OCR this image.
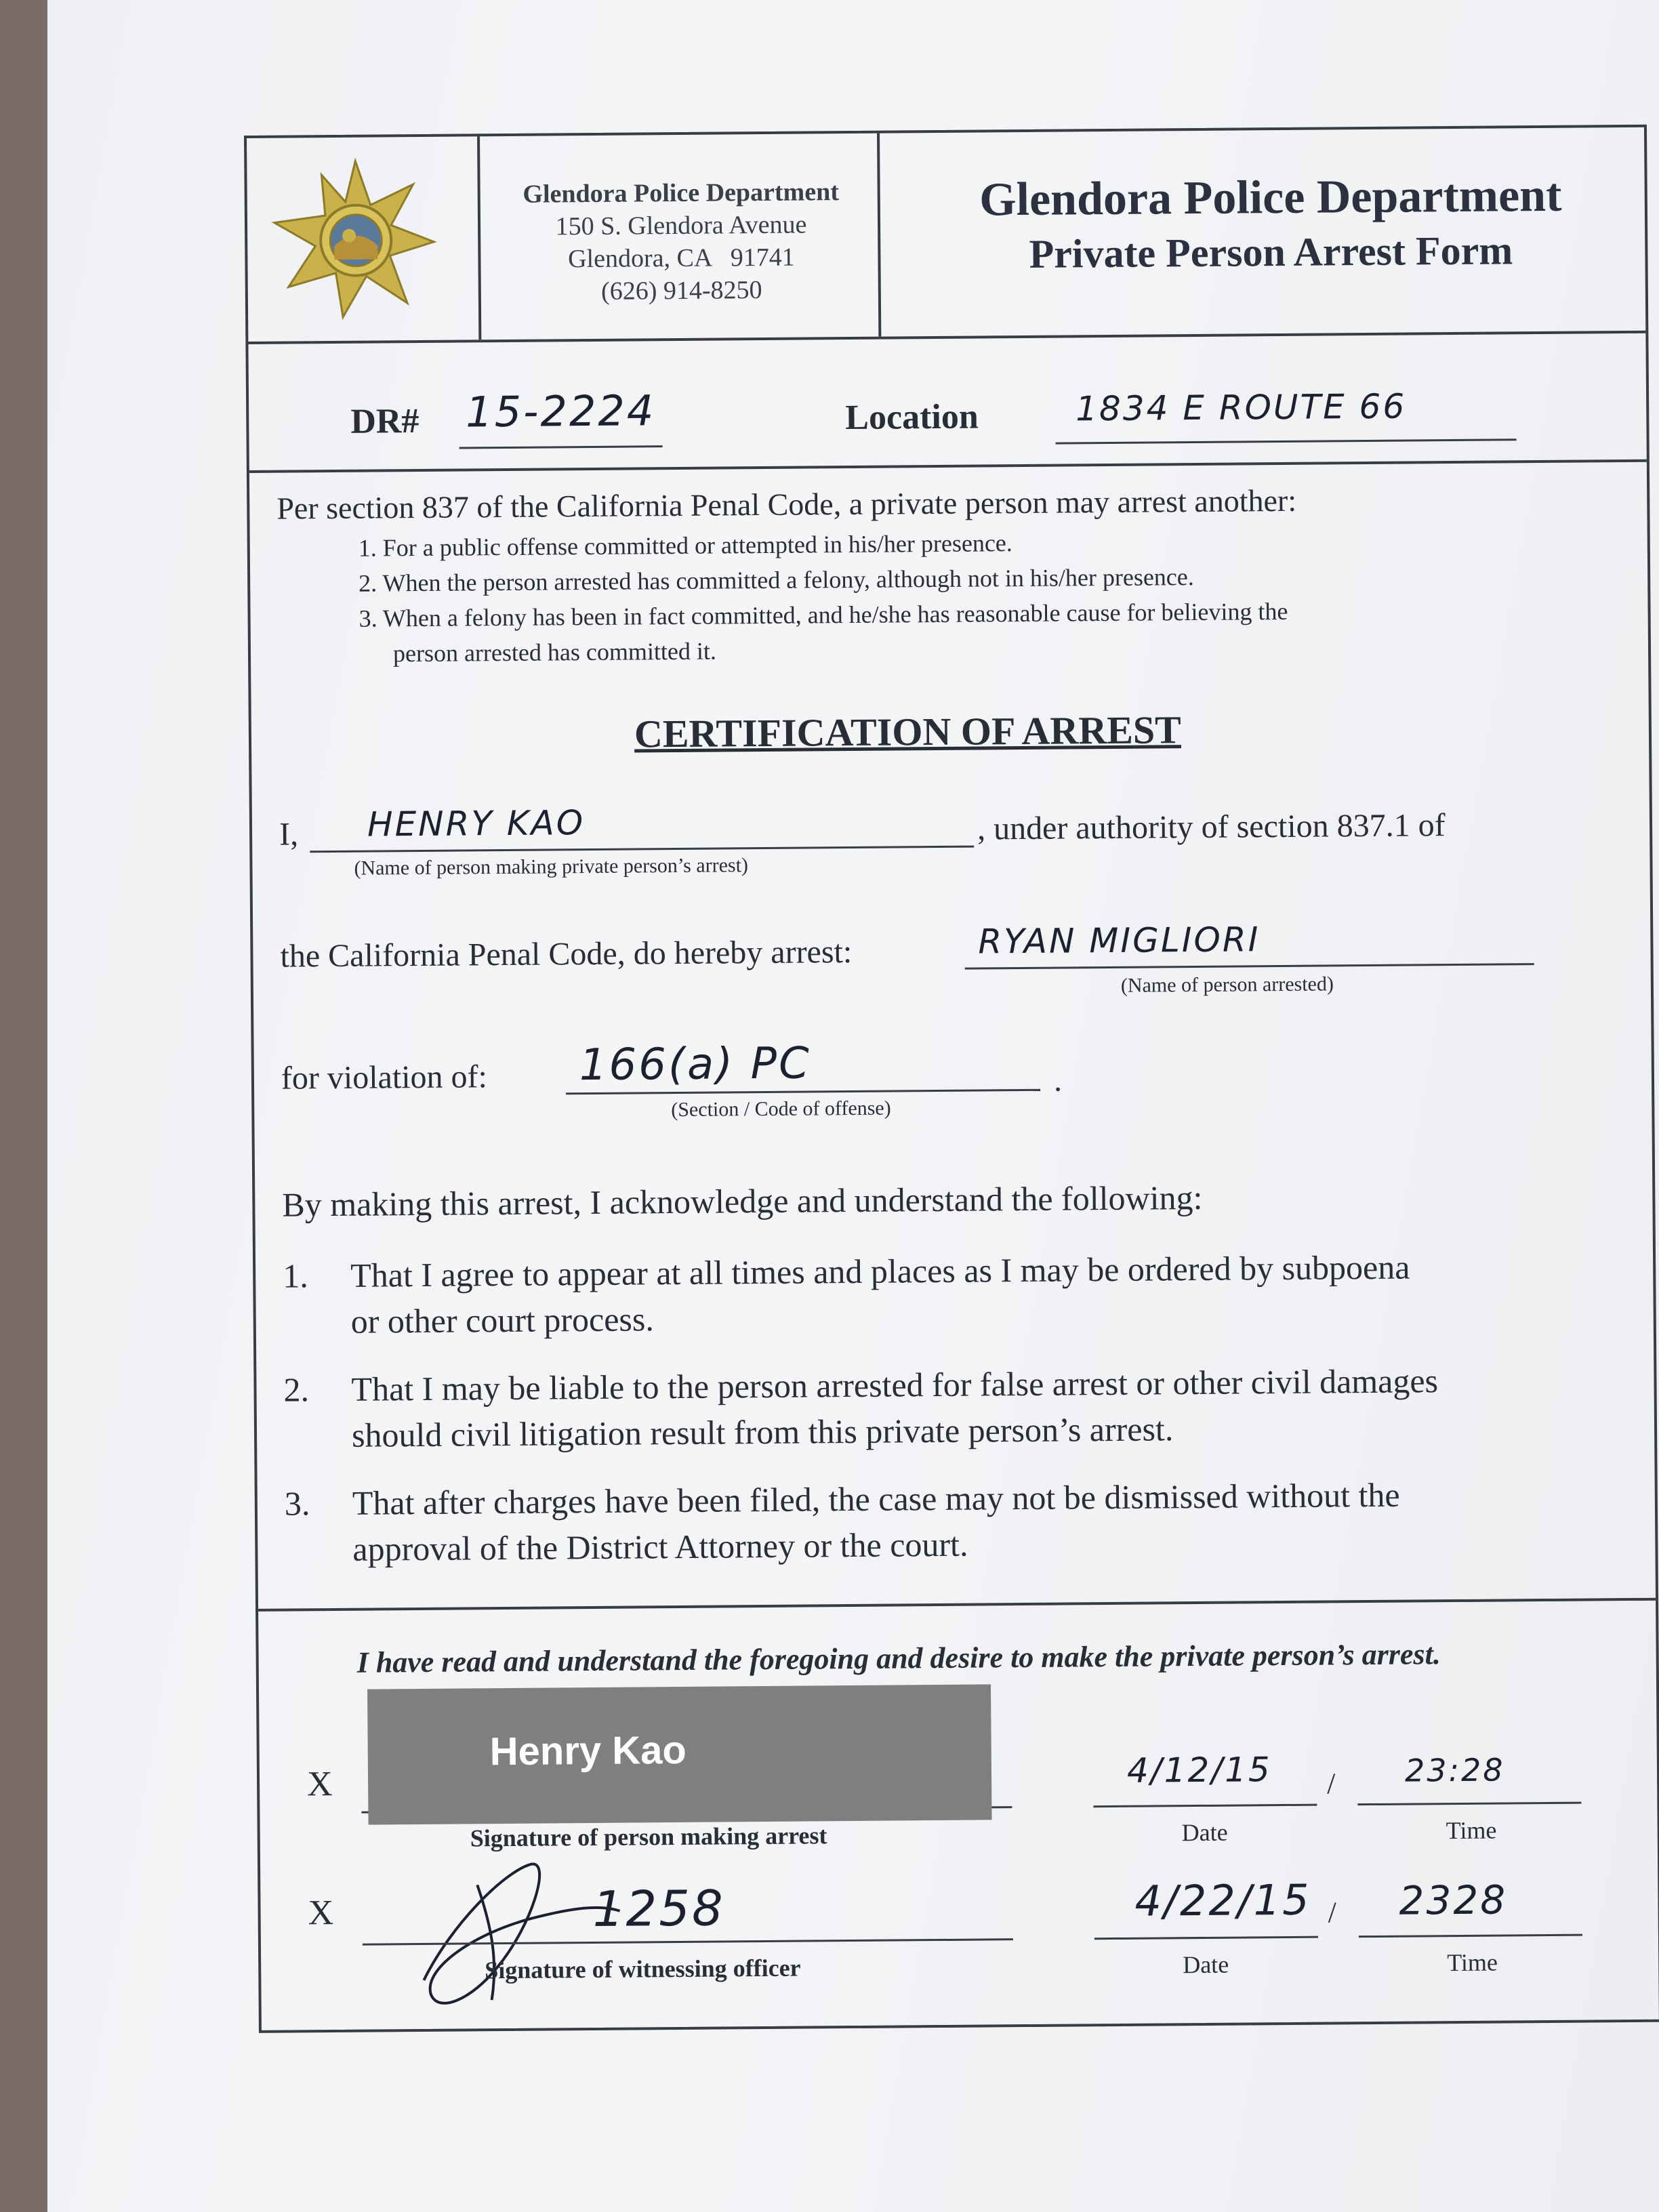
Glendora Police Department
150 S. Glendora Avenue
Glendora, CA   91741
(626) 914-8250
Glendora Police Department
Private Person Arrest Form
DR# 15-2224	Location	1834 E ROUTE 66
Per section 837 of the California Penal Code, a private person may arrest another:
1. For a public offense committed or attempted in his/her presence.
2. When the person arrested has committed a felony, although not in his/her presence.
3. When a felony has been in fact committed, and he/she has reasonable cause for believing the
person arrested has committed it.
CERTIFICATION OF ARREST
I, HENRY KAO	, under authority of section 837.1 of
(Name of person making private person’s arrest)
the California Penal Code, do hereby arrest:	RYAN MIGLIORI
(Name of person arrested)
for violation of: 166(a) PC	.
(Section / Code of offense)
By making this arrest, I acknowledge and understand the following:
1. That I agree to appear at all times and places as I may be ordered by subpoena
or other court process.
2. That I may be liable to the person arrested for false arrest or other civil damages
should civil litigation result from this private person’s arrest.
3. That after charges have been filed, the case may not be dismissed without the
approval of the District Attorney or the court.
I have read and understand the foregoing and desire to make the private person’s arrest.
X
Henry Kao
Signature of person making arrest
4/12/15 / 23:28
Date	Time
X	1258
Signature of witnessing officer
4/22/15 / 2328
Date	Time
